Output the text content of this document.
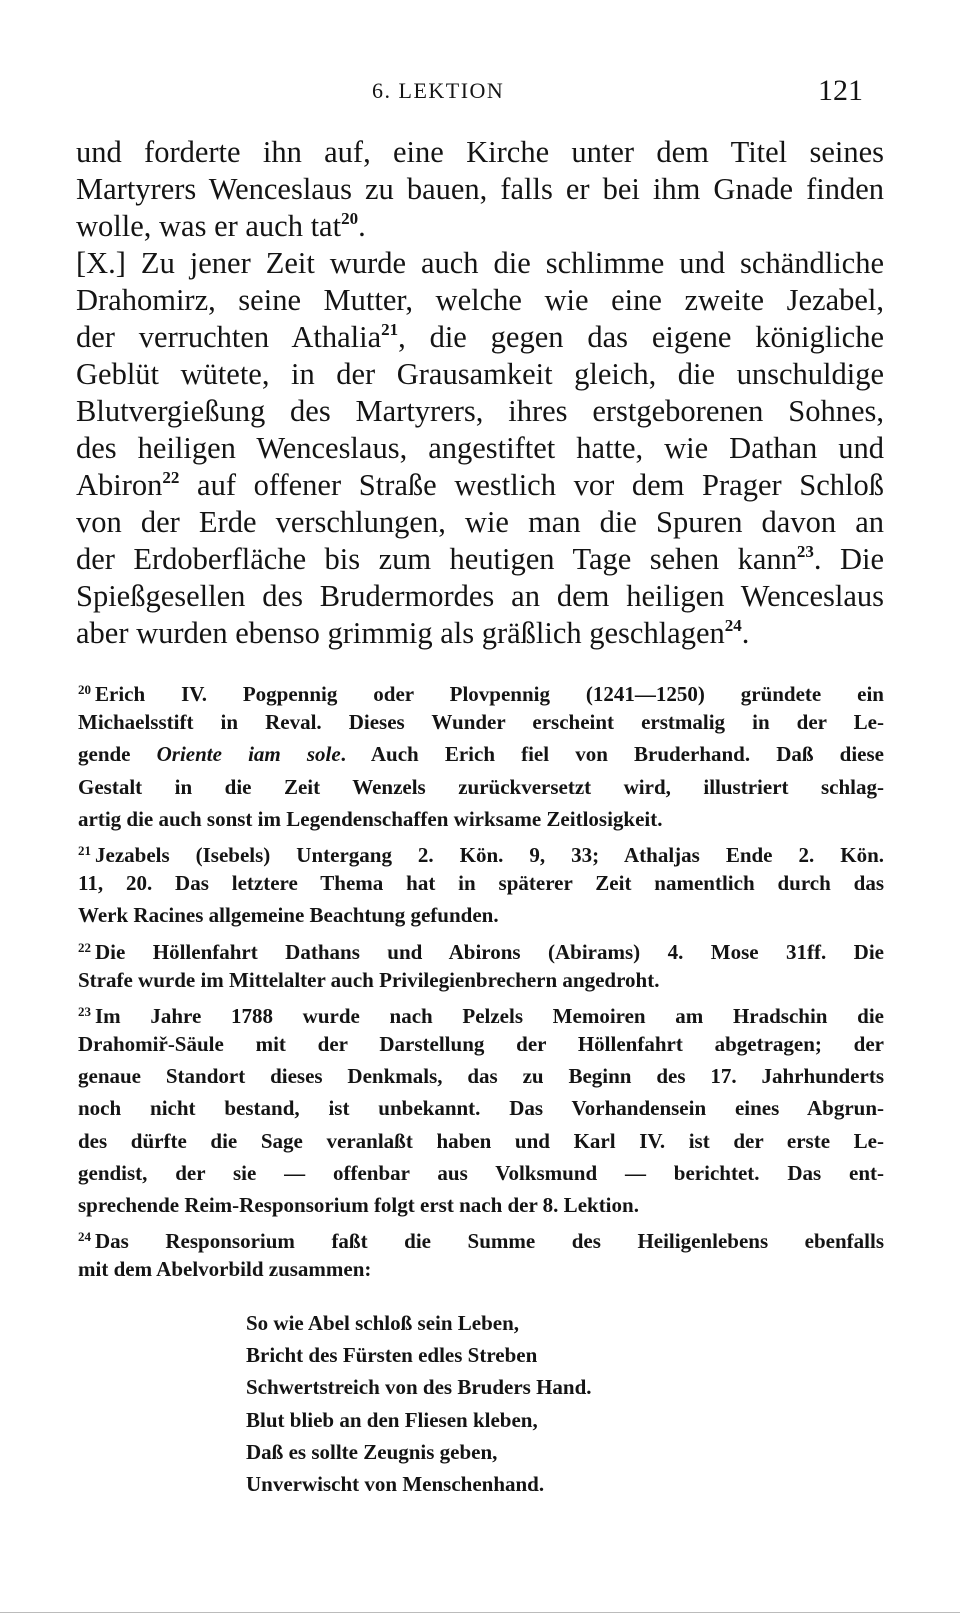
6. LEKTION	121
und forderte ihn auf, eine Kirche unter dem Titel seines
Martyrers Wenceslaus zu bauen, falls er bei ihm Gnade finden
wolle, was er auch tat$^{20}$.
[X.] Zu jener Zeit wurde auch die schlimme und schändliche
Drahomirz, seine Mutter, welche wie eine zweite Jezabel,
der verruchten Athalia$^{21}$, die gegen das eigene königliche
Geblüt wütete, in der Grausamkeit gleich, die unschuldige
Blutvergießung des Martyrers, ihres erstgeborenen Sohnes,
des heiligen Wenceslaus, angestiftet hatte, wie Dathan und
Abiron$^{22}$ auf offener Straße westlich vor dem Prager Schloß
von der Erde verschlungen, wie man die Spuren davon an
der Erdoberfläche bis zum heutigen Tage sehen kann$^{23}$. Die
Spießgesellen des Brudermordes an dem heiligen Wenceslaus
aber wurden ebenso grimmig als gräßlich geschlagen$^{24}$.
$^{20}$ Erich IV. Pogpennig oder Plovpennig (1241—1250) gründete ein
Michaelsstift in Reval. Dieses Wunder erscheint erstmalig in der Le-
gende Oriente iam sole. Auch Erich fiel von Bruderhand. Daß diese
Gestalt in die Zeit Wenzels zurückversetzt wird, illustriert schlag-
artig die auch sonst im Legendenschaffen wirksame Zeitlosigkeit.
$^{21}$ Jezabels (Isebels) Untergang 2. Kön. 9, 33; Athaljas Ende 2. Kön.
11, 20. Das letztere Thema hat in späterer Zeit namentlich durch das
Werk Racines allgemeine Beachtung gefunden.
$^{22}$ Die Höllenfahrt Dathans und Abirons (Abirams) 4. Mose 31ff. Die
Strafe wurde im Mittelalter auch Privilegienbrechern angedroht.
$^{23}$ Im Jahre 1788 wurde nach Pelzels Memoiren am Hradschin die
Drahomiř-Säule mit der Darstellung der Höllenfahrt abgetragen; der
genaue Standort dieses Denkmals, das zu Beginn des 17. Jahrhunderts
noch nicht bestand, ist unbekannt. Das Vorhandensein eines Abgrun-
des dürfte die Sage veranlaßt haben und Karl IV. ist der erste Le-
gendist, der sie — offenbar aus Volksmund — berichtet. Das ent-
sprechende Reim-Responsorium folgt erst nach der 8. Lektion.
$^{24}$ Das Responsorium faßt die Summe des Heiligenlebens ebenfalls
mit dem Abelvorbild zusammen:
So wie Abel schloß sein Leben,
Bricht des Fürsten edles Streben
Schwertstreich von des Bruders Hand.
Blut blieb an den Fliesen kleben,
Daß es sollte Zeugnis geben,
Unverwischt von Menschenhand.
